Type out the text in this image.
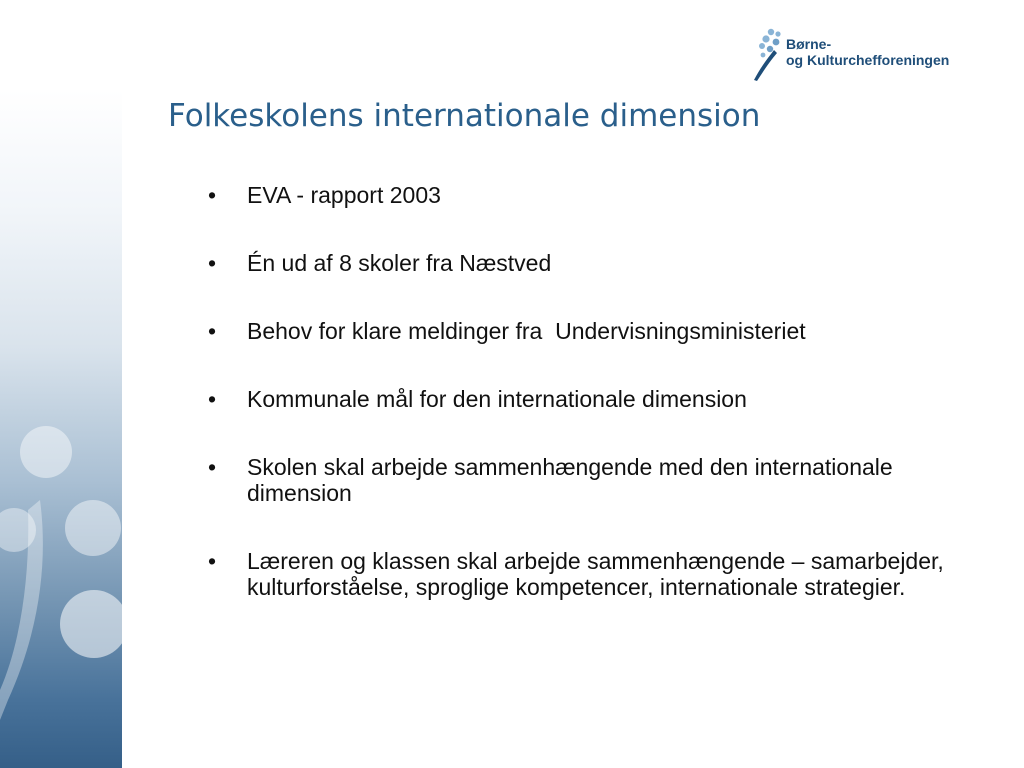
Børne-
og Kulturchefforeningen
Folkeskolens internationale dimension
• EVA - rapport 2003
• Én ud af 8 skoler fra Næstved
• Behov for klare meldinger fra  Undervisningsministeriet
• Kommunale mål for den internationale dimension
• Skolen skal arbejde sammenhængende med den internationale dimension
• Læreren og klassen skal arbejde sammenhængende – samarbejder, kulturforståelse, sproglige kompetencer, internationale strategier.
